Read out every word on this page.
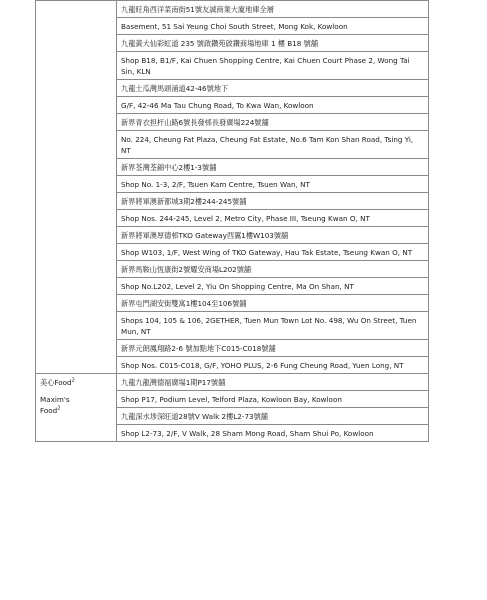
	九龍旺角西洋菜南街51號友誠商業大廈地庫全層
	Basement, 51 Sai Yeung Choi South Street, Mong Kok, Kowloon
	九龍黃大仙彩虹道 235 號啟鑽苑啟鑽商場地庫 1 樓 B18 號舖
	Shop B18, B1/F, Kai Chuen Shopping Centre, Kai Chuen Court Phase 2, Wong Tai Sin, KLN
	九龍土瓜灣馬頭涌道42-46號地下
	G/F, 42-46 Ma Tau Chung Road, To Kwa Wan, Kowloon
	新界青衣担杆山路6號長發邨長發廣場224號舖
	No. 224, Cheung Fat Plaza, Cheung Fat Estate, No.6 Tam Kon Shan Road, Tsing Yi, NT
	新界荃灣荃錦中心2樓1-3號舖
	Shop No. 1-3, 2/F, Tsuen Kam Centre, Tsuen Wan, NT
	新界將軍澳新都城3期2樓244-245號舖
	Shop Nos. 244-245, Level 2, Metro City, Phase III, Tseung Kwan O, NT
	新界將軍澳厚德邨TKO Gateway西翼1樓W103號舖
	Shop W103, 1/F, West Wing of TKO Gateway, Hau Tak Estate, Tseung Kwan O, NT
	新界馬鞍山恆康街2號耀安商場L202號舖
	Shop No.L202, Level 2, Yiu On Shopping Centre, Ma On Shan, NT
	新界屯門湖安街雙寓1樓104至106號舖
	Shops 104, 105 & 106, 2GETHER, Tuen Mun Town Lot No. 498, Wu On Street, Tuen Mun, NT
	新界元朗鳳翔路2-6 號加點地下C015-C018號舖
	Shop Nos. C015-C018, G/F, YOHO PLUS, 2-6 Fung Cheung Road, Yuen Long, NT

美心Food$^2$
Maxim's
Food$^2$	九龍九龍灣德福廣場1期P17號舖
	Shop P17, Podium Level, Telford Plaza, Kowloon Bay, Kowloon
	九龍深水埗深旺道28號V Walk 2樓L2-73號舖
	Shop L2-73, 2/F, V Walk, 28 Sham Mong Road, Sham Shui Po, Kowloon
